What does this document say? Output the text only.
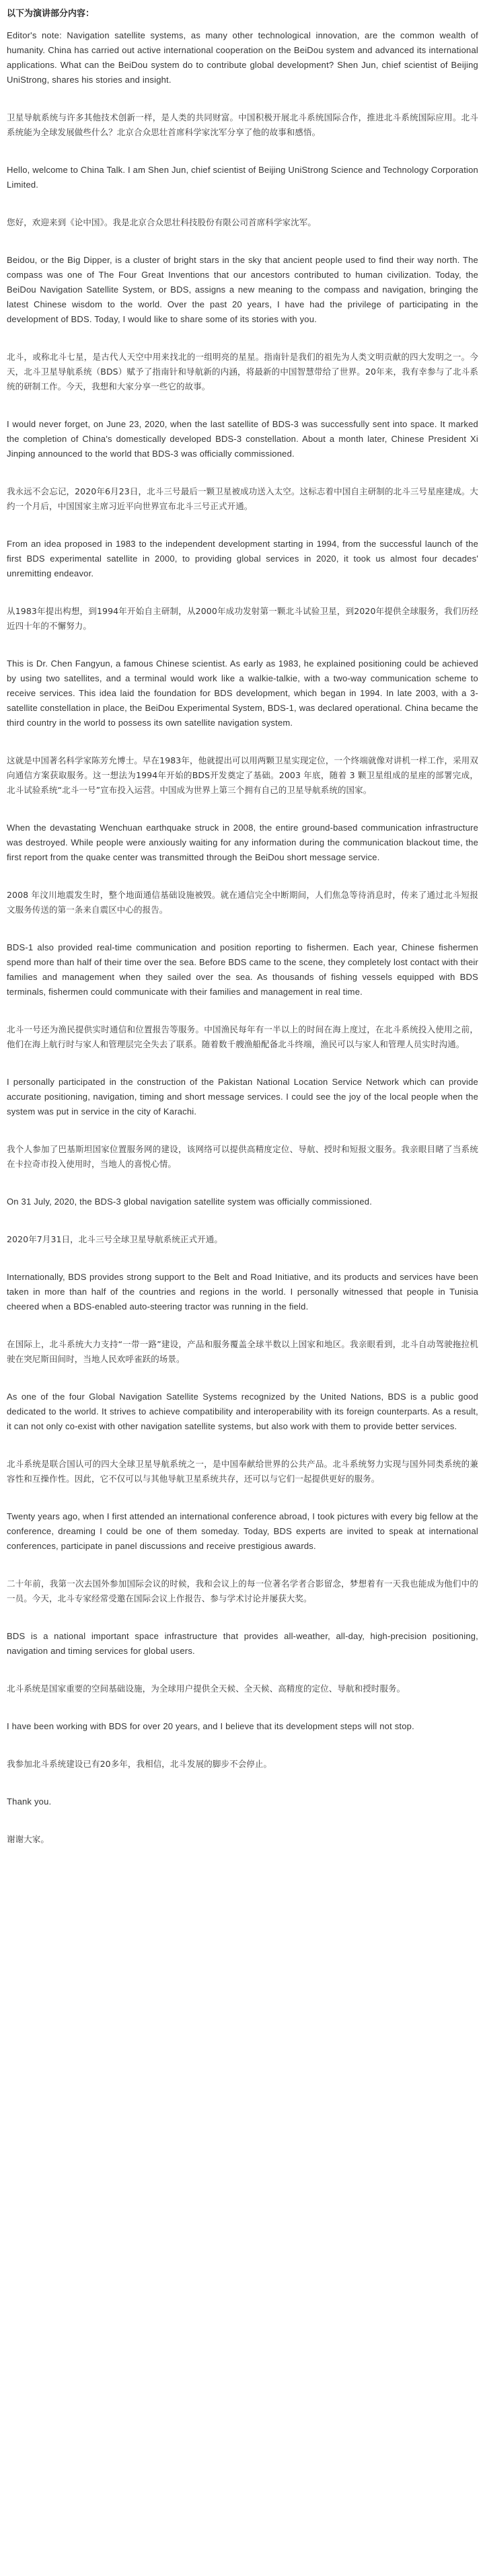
以下为演讲部分内容：

Editor's note: Navigation satellite systems, as many other technological innovation, are the common wealth of humanity. China has carried out active international cooperation on the BeiDou system and advanced its international applications. What can the BeiDou system do to contribute global development? Shen Jun, chief scientist of Beijing UniStrong, shares his stories and insight.

卫星导航系统与许多其他技术创新一样，是人类的共同财富。中国积极开展北斗系统国际合作，推进北斗系统国际应用。北斗系统能为全球发展做些什么？北京合众思壮首席科学家沈军分享了他的故事和感悟。

Hello, welcome to China Talk. I am Shen Jun, chief scientist of Beijing UniStrong Science and Technology Corporation Limited.

您好，欢迎来到《论中国》。我是北京合众思壮科技股份有限公司首席科学家沈军。

Beidou, or the Big Dipper, is a cluster of bright stars in the sky that ancient people used to find their way north. The compass was one of The Four Great Inventions that our ancestors contributed to human civilization. Today, the BeiDou Navigation Satellite System, or BDS, assigns a new meaning to the compass and navigation, bringing the latest Chinese wisdom to the world. Over the past 20 years, I have had the privilege of participating in the development of BDS. Today, I would like to share some of its stories with you.

北斗，或称北斗七星，是古代人天空中用来找北的一组明亮的星星。指南针是我们的祖先为人类文明贡献的四大发明之一。今天，北斗卫星导航系统（BDS）赋予了指南针和导航新的内涵，将最新的中国智慧带给了世界。20年来，我有幸参与了北斗系统的研制工作。今天，我想和大家分享一些它的故事。

I would never forget, on June 23, 2020, when the last satellite of BDS-3 was successfully sent into space. It marked the completion of China's domestically developed BDS-3 constellation. About a month later, Chinese President Xi Jinping announced to the world that BDS-3 was officially commissioned.

我永远不会忘记，2020年6月23日，北斗三号最后一颗卫星被成功送入太空。这标志着中国自主研制的北斗三号星座建成。大约一个月后，中国国家主席习近平向世界宣布北斗三号正式开通。

From an idea proposed in 1983 to the independent development starting in 1994, from the successful launch of the first BDS experimental satellite in 2000, to providing global services in 2020, it took us almost four decades' unremitting endeavor.

从1983年提出构想，到1994年开始自主研制，从2000年成功发射第一颗北斗试验卫星，到2020年提供全球服务，我们历经近四十年的不懈努力。

This is Dr. Chen Fangyun, a famous Chinese scientist. As early as 1983, he explained positioning could be achieved by using two satellites, and a terminal would work like a walkie-talkie, with a two-way communication scheme to receive services. This idea laid the foundation for BDS development, which began in 1994. In late 2003, with a 3-satellite constellation in place, the BeiDou Experimental System, BDS-1, was declared operational. China became the third country in the world to possess its own satellite navigation system.

这就是中国著名科学家陈芳允博士。早在1983年，他就提出可以用两颗卫星实现定位，一个终端就像对讲机一样工作，采用双向通信方案获取服务。这一想法为1994年开始的BDS开发奠定了基础。2003 年底，随着 3 颗卫星组成的星座的部署完成，北斗试验系统“北斗一号”宣布投入运营。中国成为世界上第三个拥有自己的卫星导航系统的国家。

When the devastating Wenchuan earthquake struck in 2008, the entire ground-based communication infrastructure was destroyed. While people were anxiously waiting for any information during the communication blackout time, the first report from the quake center was transmitted through the BeiDou short message service.

2008 年汶川地震发生时，整个地面通信基础设施被毁。就在通信完全中断期间，人们焦急等待消息时，传来了通过北斗短报文服务传送的第一条来自震区中心的报告。

BDS-1 also provided real-time communication and position reporting to fishermen. Each year, Chinese fishermen spend more than half of their time over the sea. Before BDS came to the scene, they completely lost contact with their families and management when they sailed over the sea. As thousands of fishing vessels equipped with BDS terminals, fishermen could communicate with their families and management in real time.

北斗一号还为渔民提供实时通信和位置报告等服务。中国渔民每年有一半以上的时间在海上度过，在北斗系统投入使用之前，他们在海上航行时与家人和管理层完全失去了联系。随着数千艘渔船配备北斗终端，渔民可以与家人和管理人员实时沟通。

I personally participated in the construction of the Pakistan National Location Service Network which can provide accurate positioning, navigation, timing and short message services. I could see the joy of the local people when the system was put in service in the city of Karachi.

我个人参加了巴基斯坦国家位置服务网的建设，该网络可以提供高精度定位、导航、授时和短报文服务。我亲眼目睹了当系统在卡拉奇市投入使用时，当地人的喜悦心情。

On 31 July, 2020, the BDS-3 global navigation satellite system was officially commissioned.

2020年7月31日，北斗三号全球卫星导航系统正式开通。

Internationally, BDS provides strong support to the Belt and Road Initiative, and its products and services have been taken in more than half of the countries and regions in the world. I personally witnessed that people in Tunisia cheered when a BDS-enabled auto-steering tractor was running in the field.

在国际上，北斗系统大力支持“一带一路”建设，产品和服务覆盖全球半数以上国家和地区。我亲眼看到，北斗自动驾驶拖拉机驶在突尼斯田间时，当地人民欢呼雀跃的场景。

As one of the four Global Navigation Satellite Systems recognized by the United Nations, BDS is a public good dedicated to the world. It strives to achieve compatibility and interoperability with its foreign counterparts. As a result, it can not only co-exist with other navigation satellite systems, but also work with them to provide better services.

北斗系统是联合国认可的四大全球卫星导航系统之一，是中国奉献给世界的公共产品。北斗系统努力实现与国外同类系统的兼容性和互操作性。因此，它不仅可以与其他导航卫星系统共存，还可以与它们一起提供更好的服务。

Twenty years ago, when I first attended an international conference abroad, I took pictures with every big fellow at the conference, dreaming I could be one of them someday. Today, BDS experts are invited to speak at international conferences, participate in panel discussions and receive prestigious awards.

二十年前，我第一次去国外参加国际会议的时候，我和会议上的每一位著名学者合影留念，梦想着有一天我也能成为他们中的一员。今天，北斗专家经常受邀在国际会议上作报告、参与学术讨论并屡获大奖。

BDS is a national important space infrastructure that provides all-weather, all-day, high-precision positioning, navigation and timing services for global users.

北斗系统是国家重要的空间基础设施，为全球用户提供全天候、全天候、高精度的定位、导航和授时服务。

I have been working with BDS for over 20 years, and I believe that its development steps will not stop.

我参加北斗系统建设已有20多年，我相信，北斗发展的脚步不会停止。

Thank you.

谢谢大家。
